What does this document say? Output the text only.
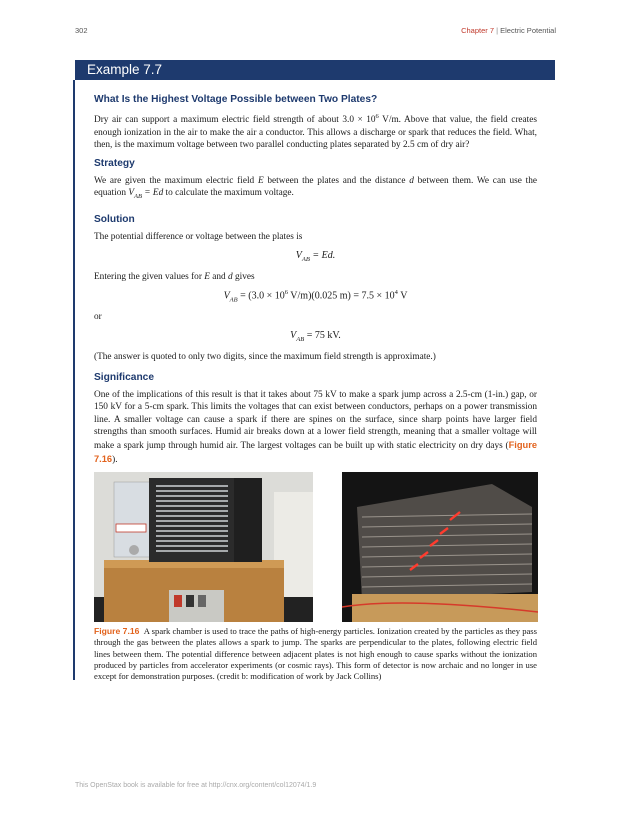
302	Chapter 7 | Electric Potential
Example 7.7
What Is the Highest Voltage Possible between Two Plates?

Dry air can support a maximum electric field strength of about $3.0 \times 10^6$ V/m. Above that value, the field creates enough ionization in the air to make the air a conductor. This allows a discharge or spark that reduces the field. What, then, is the maximum voltage between two parallel conducting plates separated by 2.5 cm of dry air?

Strategy

We are given the maximum electric field E between the plates and the distance d between them. We can use the equation $V_{AB} = Ed$ to calculate the maximum voltage.

Solution

The potential difference or voltage between the plates is

$V_{AB} = Ed$.

Entering the given values for E and d gives

$V_{AB} = (3.0 \times 10^6$ V/m)(0.025 $m) = 7.5 \times 10^4$ V

or

$V_{AB} = 75$ kV.

(The answer is quoted to only two digits, since the maximum field strength is approximate.)

Significance

One of the implications of this result is that it takes about 75 kV to make a spark jump across a 2.5-cm (1-in.) gap, or 150 kV for a 5-cm spark. This limits the voltages that can exist between conductors, perhaps on a power transmission line. A smaller voltage can cause a spark if there are spines on the surface, since sharp points have larger field strengths than smooth surfaces. Humid air breaks down at a lower field strength, meaning that a smaller voltage will make a spark jump through humid air. The largest voltages can be built up with static electricity on dry days (Figure 7.16).

Figure 7.16 A spark chamber is used to trace the paths of high-energy particles. Ionization created by the particles as they pass through the gas between the plates allows a spark to jump. The sparks are perpendicular to the plates, following electric field lines between them. The potential difference between adjacent plates is not high enough to cause sparks without the ionization produced by particles from accelerator experiments (or cosmic rays). This form of detector is now archaic and no longer in use except for demonstration purposes. (credit b: modification of work by Jack Collins)

This OpenStax book is available for free at http://cnx.org/content/col12074/1.9
